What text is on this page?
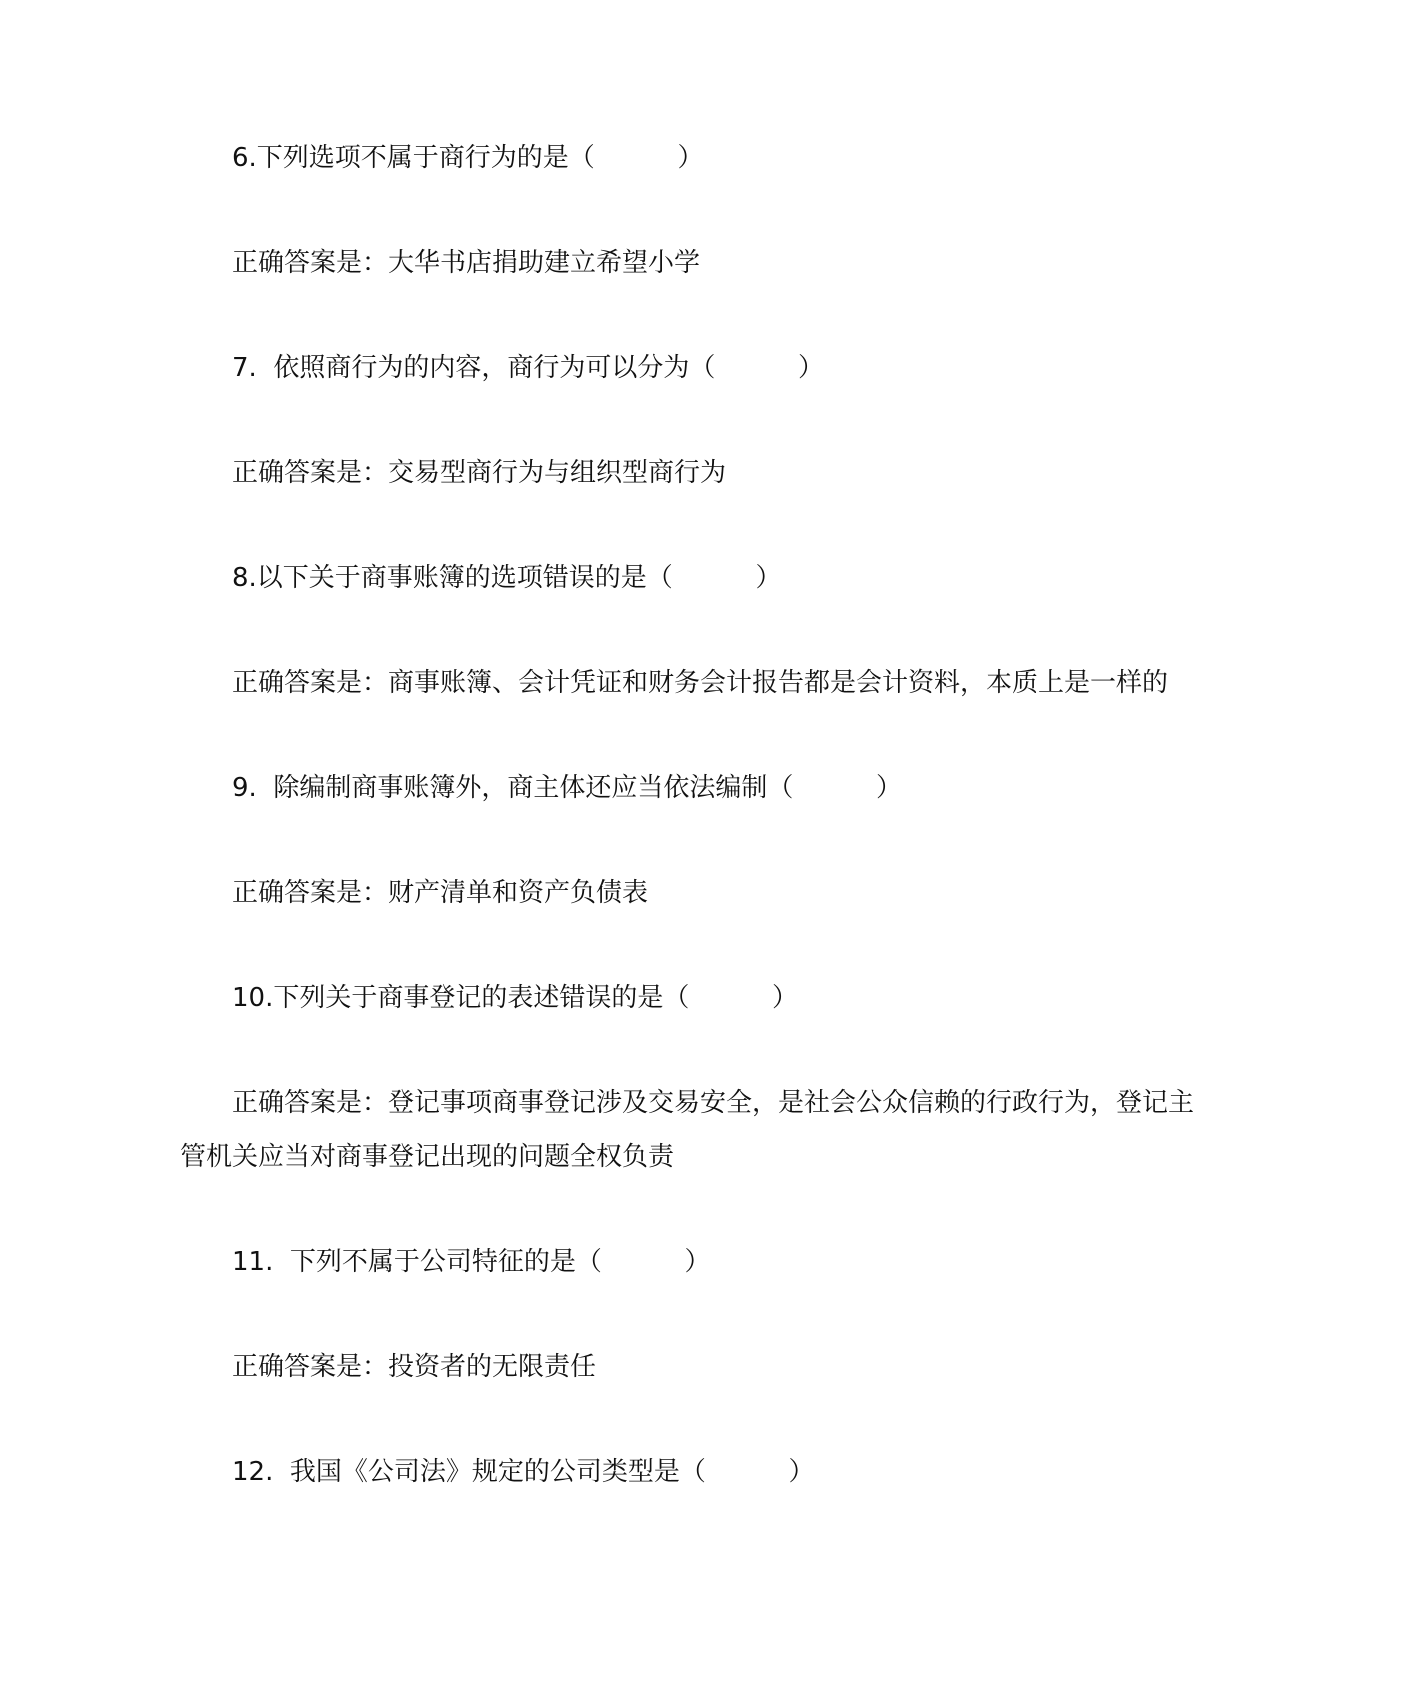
6.下列选项不属于商行为的是（          ）
正确答案是：大华书店捐助建立希望小学
7.  依照商行为的内容，商行为可以分为（          ）
正确答案是：交易型商行为与组织型商行为
8.以下关于商事账簿的选项错误的是（          ）
正确答案是：商事账簿、会计凭证和财务会计报告都是会计资料，本质上是一样的
9.  除编制商事账簿外，商主体还应当依法编制（          ）
正确答案是：财产清单和资产负债表
10.下列关于商事登记的表述错误的是（          ）
正确答案是：登记事项商事登记涉及交易安全，是社会公众信赖的行政行为，登记主
管机关应当对商事登记出现的问题全权负责
11.  下列不属于公司特征的是（          ）
正确答案是：投资者的无限责任
12.  我国《公司法》规定的公司类型是（          ）
